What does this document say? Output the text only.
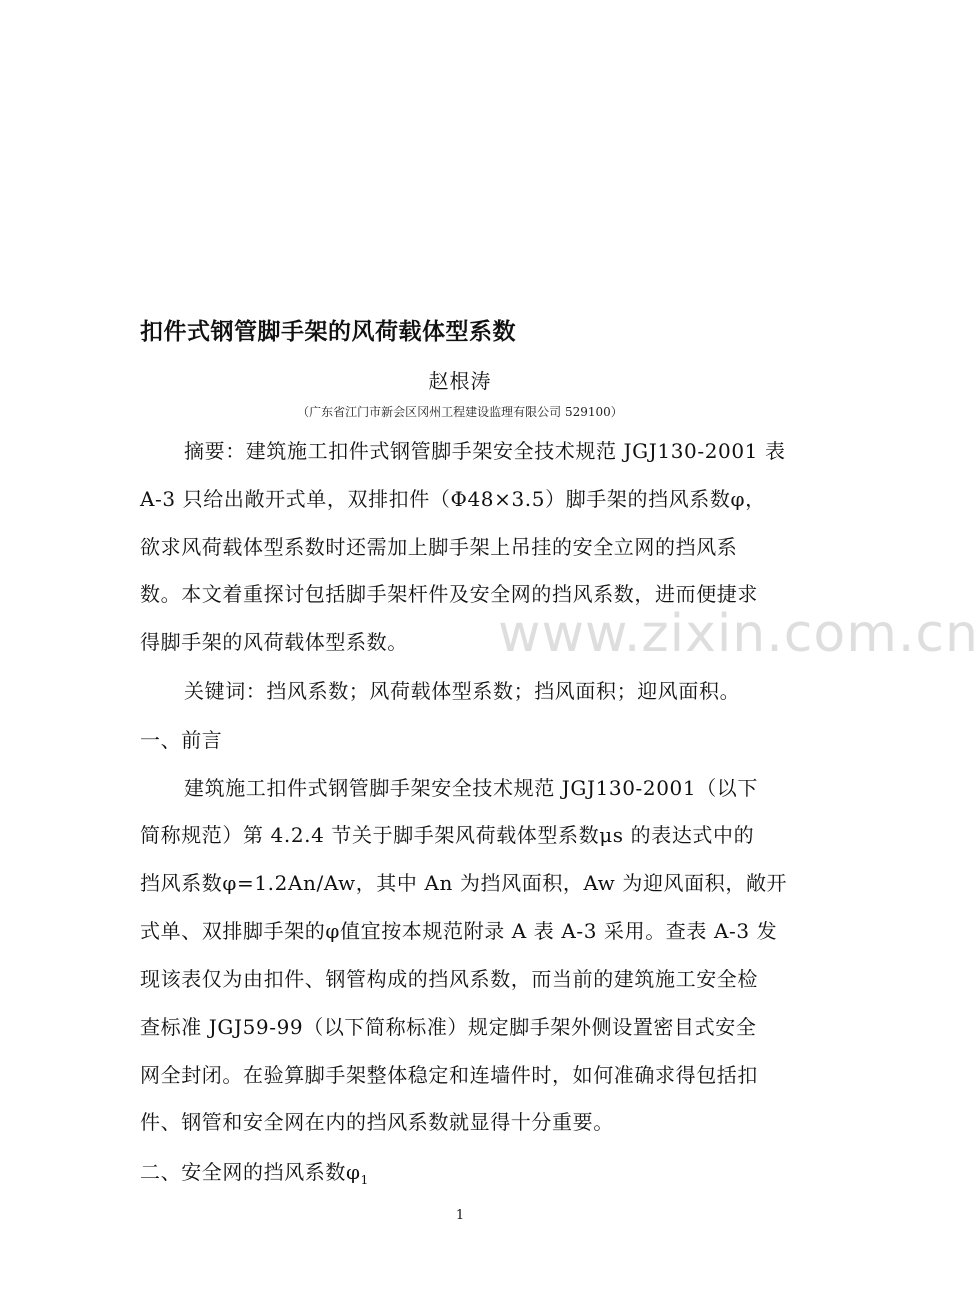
扣件式钢管脚手架的风荷载体型系数
赵根涛
（广东省江门市新会区冈州工程建设监理有限公司 529100）
摘要：建筑施工扣件式钢管脚手架安全技术规范 JGJ130-2001 表
A-3 只给出敞开式单，双排扣件（Φ48×3.5）脚手架的挡风系数φ，
欲求风荷载体型系数时还需加上脚手架上吊挂的安全立网的挡风系
数。本文着重探讨包括脚手架杆件及安全网的挡风系数，进而便捷求
得脚手架的风荷载体型系数。
关键词：挡风系数；风荷载体型系数；挡风面积；迎风面积。
一、前言
建筑施工扣件式钢管脚手架安全技术规范 JGJ130-2001（以下
简称规范）第 4.2.4 节关于脚手架风荷载体型系数μs 的表达式中的
挡风系数φ=1.2An/Aw，其中 An 为挡风面积，Aw 为迎风面积，敞开
式单、双排脚手架的φ值宜按本规范附录 A 表 A-3 采用。查表 A-3 发
现该表仅为由扣件、钢管构成的挡风系数，而当前的建筑施工安全检
查标准 JGJ59-99（以下简称标准）规定脚手架外侧设置密目式安全
网全封闭。在验算脚手架整体稳定和连墙件时，如何准确求得包括扣
件、钢管和安全网在内的挡风系数就显得十分重要。
二、安全网的挡风系数$\varphi_1$
www.zixin.com.cn
1
